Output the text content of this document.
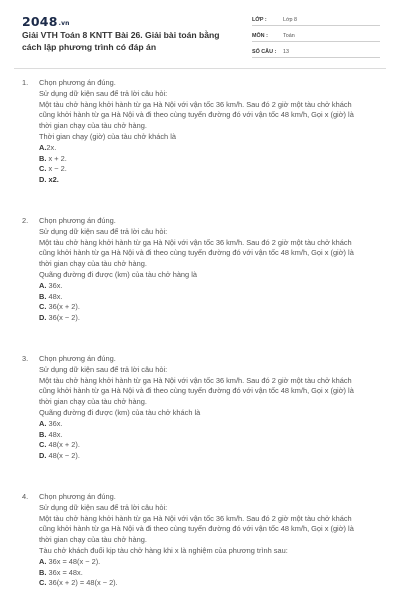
2048.vn
Giải VTH Toán 8 KNTT Bài 26. Giải bài toán bằng cách lập phương trình có đáp án
LỚP :	Lớp 8
MÔN :	Toán
SỐ CÂU :	13
1.	Chọn phương án đúng.
Sử dụng dữ kiện sau để trả lời câu hỏi:
Một tàu chở hàng khởi hành từ ga Hà Nội với vận tốc 36 km/h. Sau đó 2 giờ một tàu chở khách
cũng khởi hành từ ga Hà Nội và đi theo cùng tuyến đường đó với vận tốc 48 km/h, Gọi x (giờ) là
thời gian chạy của tàu chở hàng.
Thời gian chạy (giờ) của tàu chở khách là
A.2x.
B. x + 2.
C. x − 2.
D. x2.
2.	Chọn phương án đúng.
Sử dụng dữ kiện sau để trả lời câu hỏi:
Một tàu chở hàng khởi hành từ ga Hà Nội với vận tốc 36 km/h. Sau đó 2 giờ một tàu chở khách
cũng khởi hành từ ga Hà Nội và đi theo cùng tuyến đường đó với vận tốc 48 km/h, Gọi x (giờ) là
thời gian chạy của tàu chở hàng.
Quãng đường đi được (km) của tàu chở hàng là
A. 36x.
B. 48x.
C. 36(x + 2).
D. 36(x − 2).
3.	Chọn phương án đúng.
Sử dụng dữ kiện sau để trả lời câu hỏi:
Một tàu chở hàng khởi hành từ ga Hà Nội với vận tốc 36 km/h. Sau đó 2 giờ một tàu chở khách
cũng khởi hành từ ga Hà Nội và đi theo cùng tuyến đường đó với vận tốc 48 km/h, Gọi x (giờ) là
thời gian chạy của tàu chở hàng.
Quãng đường đi được (km) của tàu chở khách là
A. 36x.
B. 48x.
C. 48(x + 2).
D. 48(x − 2).
4.	Chọn phương án đúng.
Sử dụng dữ kiện sau để trả lời câu hỏi:
Một tàu chở hàng khởi hành từ ga Hà Nội với vận tốc 36 km/h. Sau đó 2 giờ một tàu chở khách
cũng khởi hành từ ga Hà Nội và đi theo cùng tuyến đường đó với vận tốc 48 km/h, Gọi x (giờ) là
thời gian chạy của tàu chở hàng.
Tàu chở khách đuổi kịp tàu chở hàng khi x là nghiệm của phương trình sau:
A. 36x = 48(x − 2).
B. 36x = 48x.
C. 36(x + 2) = 48(x − 2).
